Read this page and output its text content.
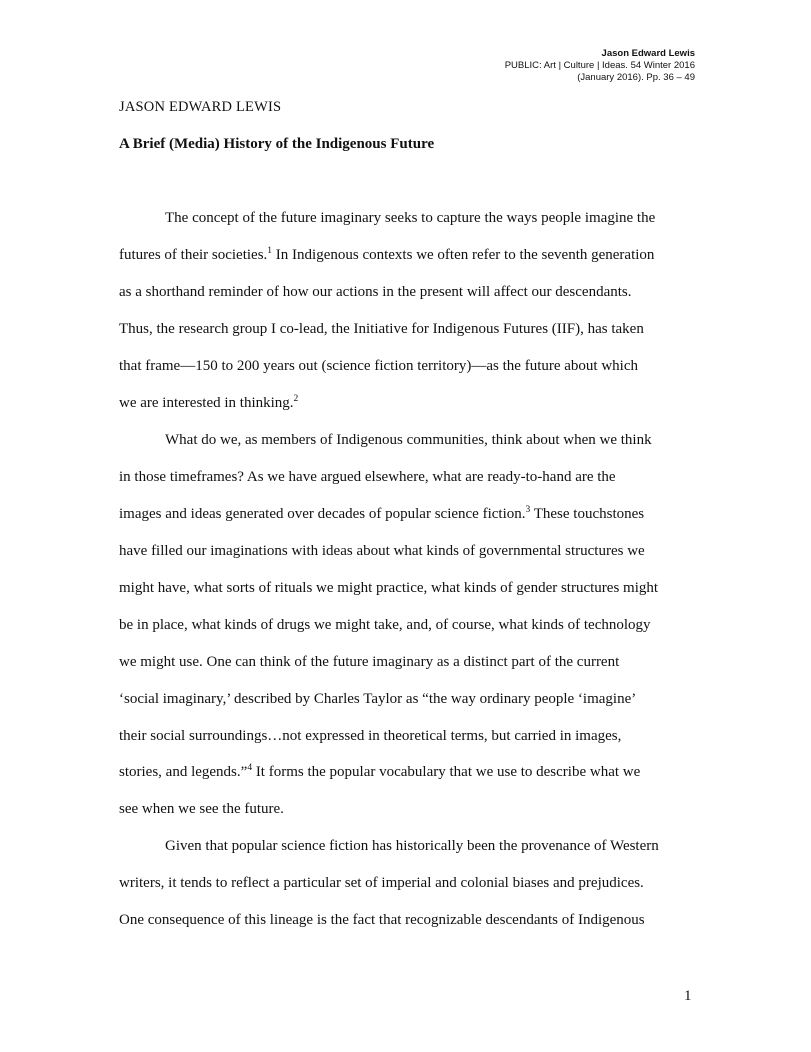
Jason Edward Lewis
PUBLIC: Art | Culture | Ideas. 54 Winter 2016
(January 2016). Pp. 36 – 49
JASON EDWARD LEWIS
A Brief (Media) History of the Indigenous Future
The concept of the future imaginary seeks to capture the ways people imagine the
futures of their societies.$^1$ In Indigenous contexts we often refer to the seventh generation
as a shorthand reminder of how our actions in the present will affect our descendants.
Thus, the research group I co-lead, the Initiative for Indigenous Futures (IIF), has taken
that frame—150 to 200 years out (science fiction territory)—as the future about which
we are interested in thinking.$^2$
What do we, as members of Indigenous communities, think about when we think
in those timeframes? As we have argued elsewhere, what are ready-to-hand are the
images and ideas generated over decades of popular science fiction.$^3$ These touchstones
have filled our imaginations with ideas about what kinds of governmental structures we
might have, what sorts of rituals we might practice, what kinds of gender structures might
be in place, what kinds of drugs we might take, and, of course, what kinds of technology
we might use. One can think of the future imaginary as a distinct part of the current
‘social imaginary,’ described by Charles Taylor as “the way ordinary people ‘imagine’
their social surroundings…not expressed in theoretical terms, but carried in images,
stories, and legends.”$^4$ It forms the popular vocabulary that we use to describe what we
see when we see the future.
Given that popular science fiction has historically been the provenance of Western
writers, it tends to reflect a particular set of imperial and colonial biases and prejudices.
One consequence of this lineage is the fact that recognizable descendants of Indigenous
1
